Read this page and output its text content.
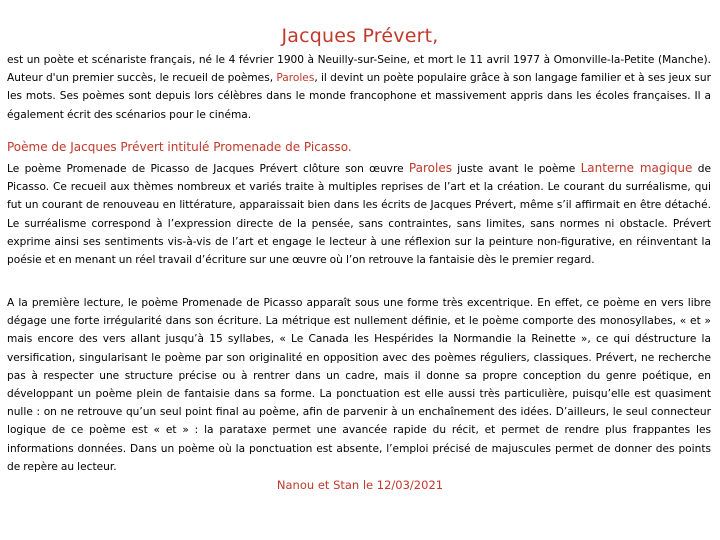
Jacques Prévert,

est un poète et scénariste français, né le 4 février 1900 à Neuilly-sur-Seine, et mort le 11 avril 1977 à Omonville-la-Petite (Manche). Auteur d'un premier succès, le recueil de poèmes, Paroles, il devint un poète populaire grâce à son langage familier et à ses jeux sur les mots. Ses poèmes sont depuis lors célèbres dans le monde francophone et massivement appris dans les écoles françaises. Il a également écrit des scénarios pour le cinéma.

Poème de Jacques Prévert intitulé Promenade de Picasso.

Le poème Promenade de Picasso de Jacques Prévert clôture son œuvre Paroles juste avant le poème Lanterne magique de Picasso. Ce recueil aux thèmes nombreux et variés traite à multiples reprises de l’art et la création. Le courant du surréalisme, qui fut un courant de renouveau en littérature, apparaissait bien dans les écrits de Jacques Prévert, même s’il affirmait en être détaché. Le surréalisme correspond à l’expression directe de la pensée, sans contraintes, sans limites, sans normes ni obstacle. Prévert exprime ainsi ses sentiments vis-à-vis de l’art et engage le lecteur à une réflexion sur la peinture non-figurative, en réinventant la poésie et en menant un réel travail d’écriture sur une œuvre où l’on retrouve la fantaisie dès le premier regard.

A la première lecture, le poème Promenade de Picasso apparaît sous une forme très excentrique. En effet, ce poème en vers libre dégage une forte irrégularité dans son écriture. La métrique est nullement définie, et le poème comporte des monosyllabes, « et » mais encore des vers allant jusqu’à 15 syllabes, « Le Canada les Hespérides la Normandie la Reinette », ce qui déstructure la versification, singularisant le poème par son originalité en opposition avec des poèmes réguliers, classiques. Prévert, ne recherche pas à respecter une structure précise ou à rentrer dans un cadre, mais il donne sa propre conception du genre poétique, en développant un poème plein de fantaisie dans sa forme. La ponctuation est elle aussi très particulière, puisqu’elle est quasiment nulle : on ne retrouve qu’un seul point final au poème, afin de parvenir à un enchaînement des idées. D’ailleurs, le seul connecteur logique de ce poème est « et » : la parataxe permet une avancée rapide du récit, et permet de rendre plus frappantes les informations données. Dans un poème où la ponctuation est absente, l’emploi précisé de majuscules permet de donner des points de repère au lecteur.

Nanou et Stan le 12/03/2021
